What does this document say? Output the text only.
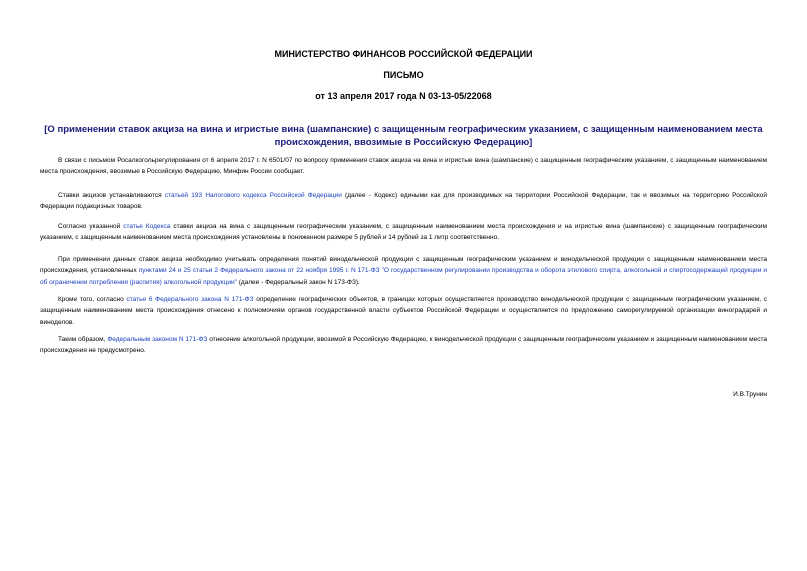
МИНИСТЕРСТВО ФИНАНСОВ РОССИЙСКОЙ ФЕДЕРАЦИИ
ПИСЬМО
от 13 апреля 2017 года N 03-13-05/22068
[О применении ставок акциза на вина и игристые вина (шампанские) с защищенным географическим указанием, с защищенным наименованием места происхождения, ввозимые в Российскую Федерацию]

В связи с письмом Росалкогольрегулирования от 6 апреля 2017 г. N 6501/07 по вопросу применения ставок акциза на вина и игристые вина (шампанские) с защищенным географическим указанием, с защищенным наименованием места происхождения, ввозимые в Российскую Федерацию, Минфин России сообщает.

Ставки акцизов устанавливаются статьей 193 Налогового кодекса Российской Федерации (далее - Кодекс) едиными как для производимых на территории Российской Федерации, так и ввозимых на территорию Российской Федерации подакцизных товаров.

Согласно указанной статье Кодекса ставки акциза на вина с защищенным географическим указанием, с защищенным наименованием места происхождения и на игристые вина (шампанские) с защищенным географическим указанием, с защищенным наименованием места происхождения установлены в пониженном размере 5 рублей и 14 рублей за 1 литр соответственно.

При применении данных ставок акциза необходимо учитывать определения понятий винодельческой продукции с защищенным географическим указанием и винодельческой продукции с защищенным наименованием места происхождения, установленных пунктами 24 и 25 статьи 2 Федерального закона от 22 ноября 1995 г. N 171-ФЗ "О государственном регулировании производства и оборота этилового спирта, алкогольной и спиртосодержащей продукции и об ограничении потребления (распития) алкогольной продукции" (далее - Федеральный закон N 173-ФЗ).

Кроме того, согласно статье 6 Федерального закона N 171-ФЗ определение географических объектов, в границах которых осуществляется производство винодельческой продукции с защищенным географическим указанием, с защищенным наименованием места происхождения отнесено к полномочиям органов государственной власти субъектов Российской Федерации и осуществляется по предложению саморегулируемой организации виноградарей и виноделов.

Таким образом, Федеральным законом N 171-ФЗ отнесение алкогольной продукции, ввозимой в Российскую Федерацию, к винодельческой продукции с защищенным географическим указанием и защищенным наименованием места происхождения не предусмотрено.

И.В.Трунин
